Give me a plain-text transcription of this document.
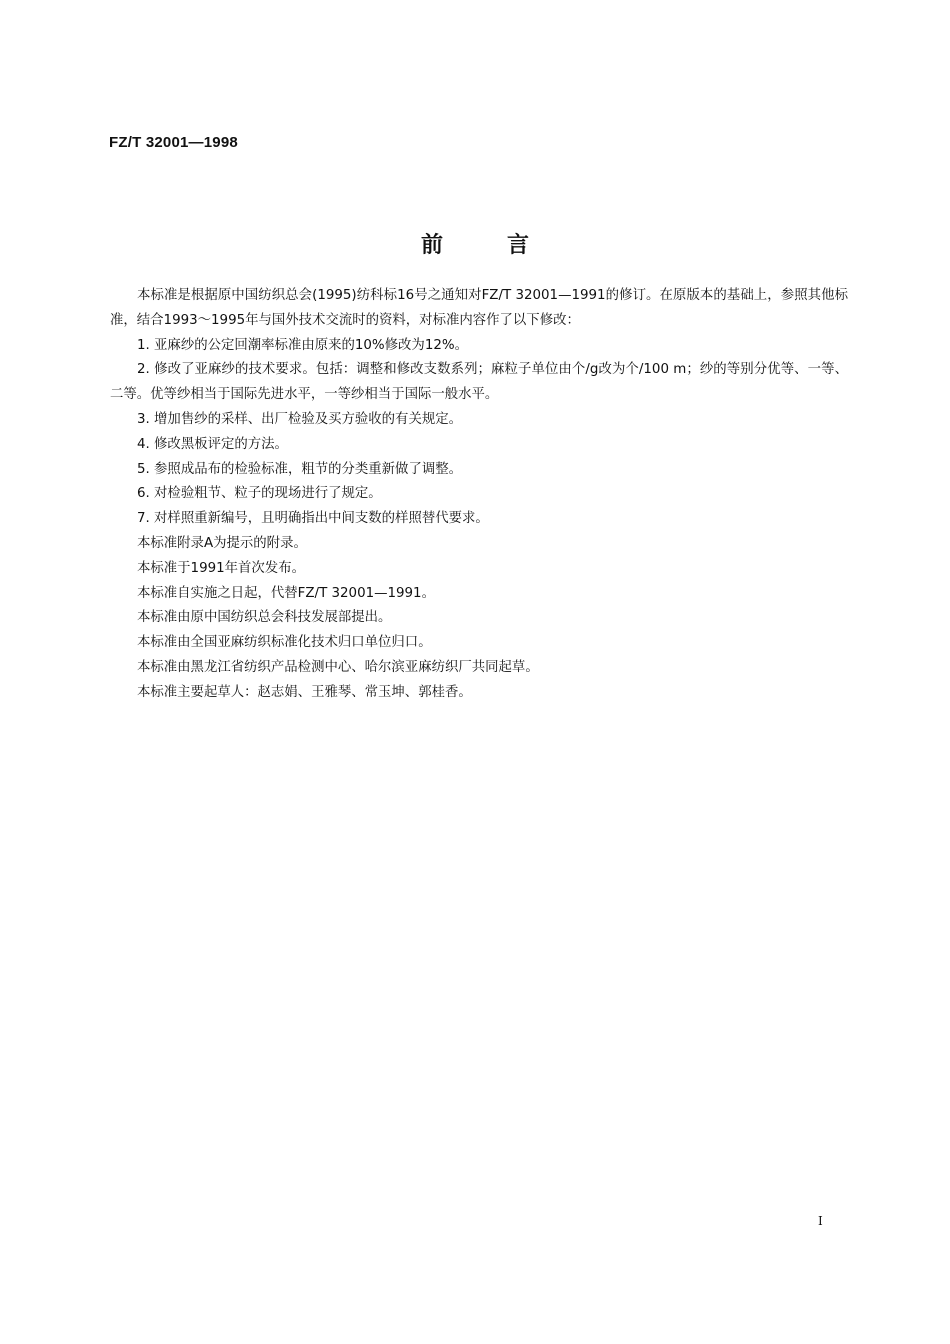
FZ/T 32001—1998
前言

本标准是根据原中国纺织总会(1995)纺科标16号之通知对FZ/T 32001—1991的修订。在原版本的基础上，参照其他标准，结合1993～1995年与国外技术交流时的资料，对标准内容作了以下修改：

1. 亚麻纱的公定回潮率标准由原来的10%修改为12%。

2. 修改了亚麻纱的技术要求。包括：调整和修改支数系列；麻粒子单位由个/g改为个/100 m；纱的等别分优等、一等、二等。优等纱相当于国际先进水平，一等纱相当于国际一般水平。

3. 增加售纱的采样、出厂检验及买方验收的有关规定。

4. 修改黑板评定的方法。

5. 参照成品布的检验标准，粗节的分类重新做了调整。

6. 对检验粗节、粒子的现场进行了规定。

7. 对样照重新编号，且明确指出中间支数的样照替代要求。

本标准附录A为提示的附录。

本标准于1991年首次发布。

本标准自实施之日起，代替FZ/T 32001—1991。

本标准由原中国纺织总会科技发展部提出。

本标准由全国亚麻纺织标准化技术归口单位归口。

本标准由黑龙江省纺织产品检测中心、哈尔滨亚麻纺织厂共同起草。

本标准主要起草人：赵志娟、王雅琴、常玉坤、郭桂香。

I
